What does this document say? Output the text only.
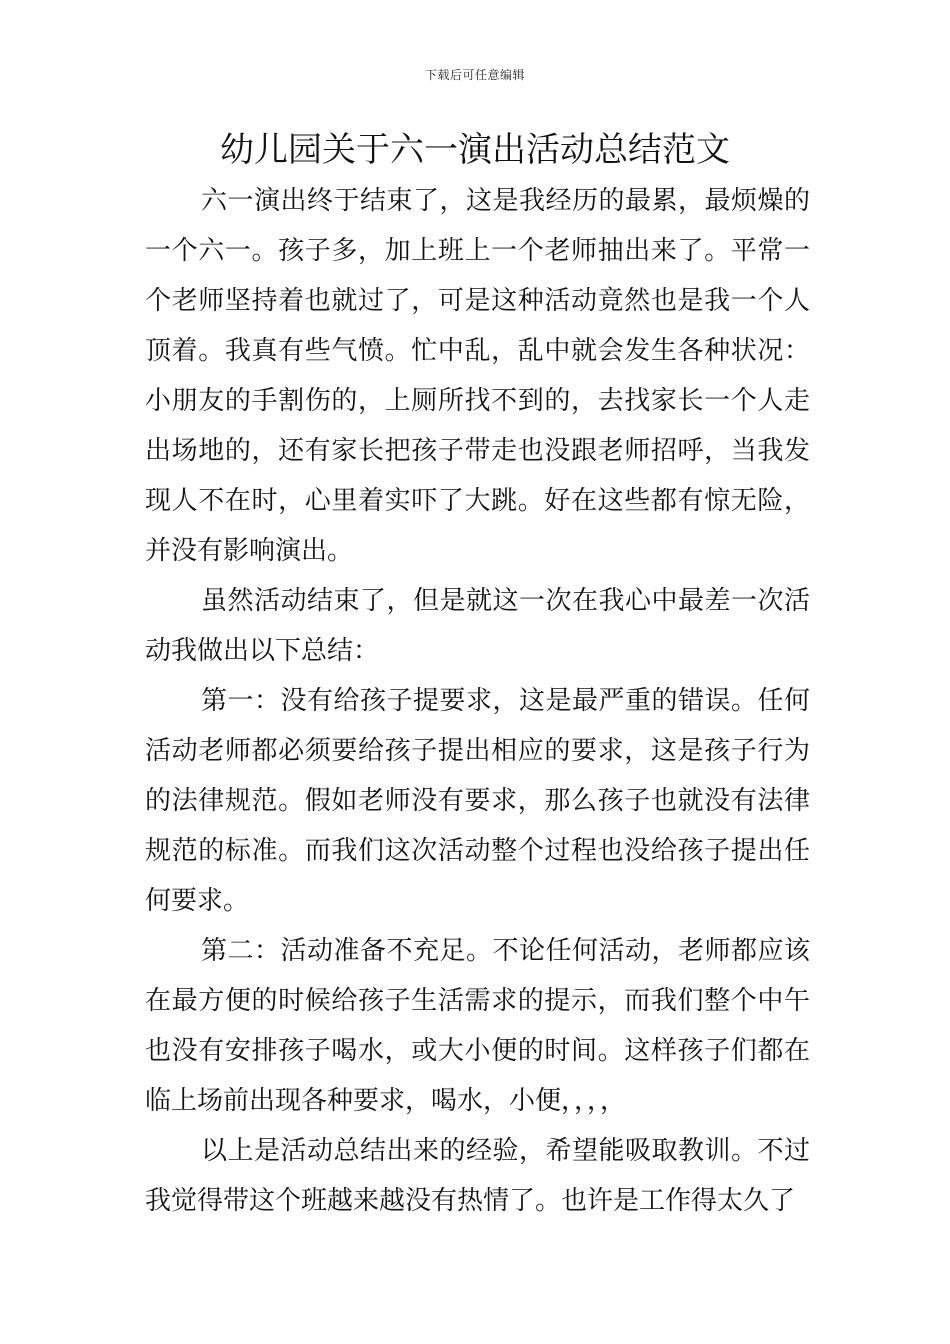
下载后可任意编辑
幼儿园关于六一演出活动总结范文

六一演出终于结束了，这是我经历的最累，最烦燥的一个六一。孩子多，加上班上一个老师抽出来了。平常一个老师坚持着也就过了，可是这种活动竟然也是我一个人顶着。我真有些气愤。忙中乱，乱中就会发生各种状况：小朋友的手割伤的，上厕所找不到的，去找家长一个人走出场地的，还有家长把孩子带走也没跟老师招呼，当我发现人不在时，心里着实吓了大跳。好在这些都有惊无险，并没有影响演出。

虽然活动结束了，但是就这一次在我心中最差一次活动我做出以下总结：

第一：没有给孩子提要求，这是最严重的错误。任何活动老师都必须要给孩子提出相应的要求，这是孩子行为的法律规范。假如老师没有要求，那么孩子也就没有法律规范的标准。而我们这次活动整个过程也没给孩子提出任何要求。

第二：活动准备不充足。不论任何活动，老师都应该在最方便的时候给孩子生活需求的提示，而我们整个中午也没有安排孩子喝水，或大小便的时间。这样孩子们都在临上场前出现各种要求，喝水，小便，，，，

以上是活动总结出来的经验，希望能吸取教训。不过我觉得带这个班越来越没有热情了。也许是工作得太久了
